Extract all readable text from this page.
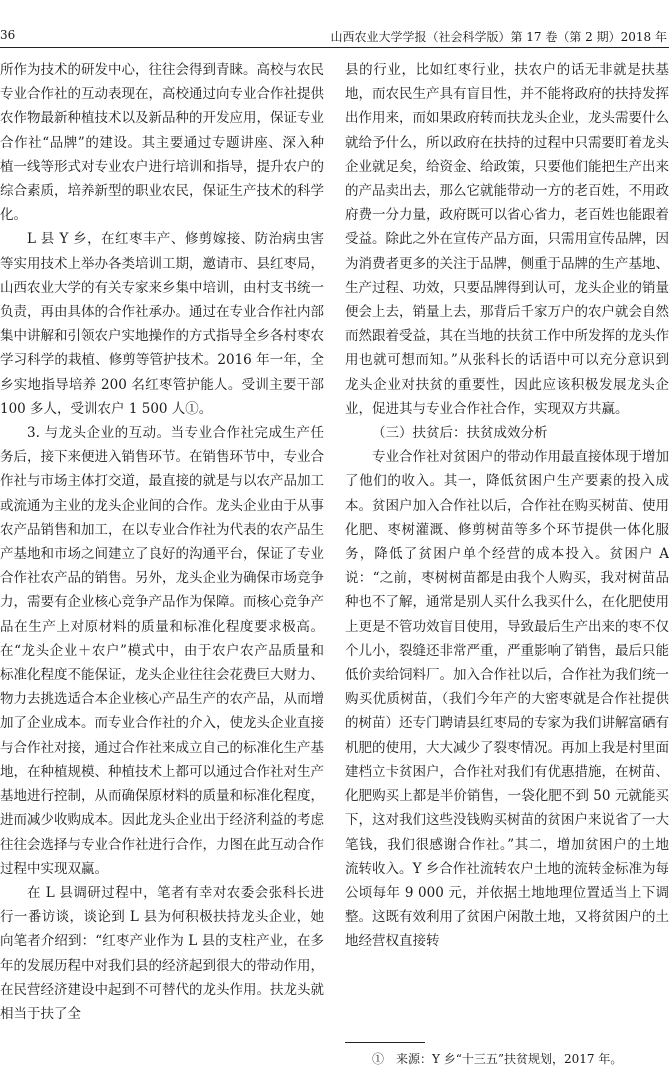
36	山西农业大学学报（社会科学版）第 17 卷（第 2 期）2018 年

所作为技术的研发中心，往往会得到青睐。高校与农民专业合作社的互动表现在，高校通过向专业合作社提供农作物最新种植技术以及新品种的开发应用，保证专业合作社“品牌”的建设。其主要通过专题讲座、深入种植一线等形式对专业农户进行培训和指导，提升农户的综合素质，培养新型的职业农民，保证生产技术的科学化。

L 县 Y 乡，在红枣丰产、修剪嫁接、防治病虫害等实用技术上举办各类培训工期，邀请市、县红枣局，山西农业大学的有关专家来乡集中培训，由村支书统一负责，再由具体的合作社承办。通过在专业合作社内部集中讲解和引领农户实地操作的方式指导全乡各村枣农学习科学的栽植、修剪等管护技术。2016 年一年，全乡实地指导培养 200 名红枣管护能人。受训主要干部 100 多人，受训农户 1 500 人①。

3. 与龙头企业的互动。当专业合作社完成生产任务后，接下来便进入销售环节。在销售环节中，专业合作社与市场主体打交道，最直接的就是与以农产品加工或流通为主业的龙头企业间的合作。龙头企业由于从事农产品销售和加工，在以专业合作社为代表的农产品生产基地和市场之间建立了良好的沟通平台，保证了专业合作社农产品的销售。另外，龙头企业为确保市场竞争力，需要有企业核心竞争产品作为保障。而核心竞争产品在生产上对原材料的质量和标准化程度要求极高。在“龙头企业＋农户”模式中，由于农户农产品质量和标准化程度不能保证，龙头企业往往会花费巨大财力、物力去挑选适合本企业核心产品生产的农产品，从而增加了企业成本。而专业合作社的介入，使龙头企业直接与合作社对接，通过合作社来成立自己的标准化生产基地，在种植规模、种植技术上都可以通过合作社对生产基地进行控制，从而确保原材料的质量和标准化程度，进而减少收购成本。因此龙头企业出于经济利益的考虑往往会选择与专业合作社进行合作，力图在此互动合作过程中实现双赢。

在 L 县调研过程中，笔者有幸对农委会张科长进行一番访谈，谈论到 L 县为何积极扶持龙头企业，她向笔者介绍到：“红枣产业作为 L 县的支柱产业，在多年的发展历程中对我们县的经济起到很大的带动作用，在民营经济建设中起到不可替代的龙头作用。扶龙头就相当于扶了全

县的行业，比如红枣行业，扶农户的话无非就是扶基地，而农民生产具有盲目性，并不能将政府的扶持发挥出作用来，而如果政府转而扶龙头企业，龙头需要什么就给予什么，所以政府在扶持的过程中只需要盯着龙头企业就足矣，给资金、给政策，只要他们能把生产出来的产品卖出去，那么它就能带动一方的老百姓，不用政府费一分力量，政府既可以省心省力，老百姓也能跟着受益。除此之外在宣传产品方面，只需用宣传品牌，因为消费者更多的关注于品牌，侧重于品牌的生产基地、生产过程、功效，只要品牌得到认可，龙头企业的销量便会上去，销量上去，那背后千家万户的农户就会自然而然跟着受益，其在当地的扶贫工作中所发挥的龙头作用也就可想而知。”从张科长的话语中可以充分意识到龙头企业对扶贫的重要性，因此应该积极发展龙头企业，促进其与专业合作社合作，实现双方共赢。

（三）扶贫后：扶贫成效分析

专业合作社对贫困户的带动作用最直接体现于增加了他们的收入。其一，降低贫困户生产要素的投入成本。贫困户加入合作社以后，合作社在购买树苗、使用化肥、枣树灌溉、修剪树苗等多个环节提供一体化服务，降低了贫困户单个经营的成本投入。贫困户 A 说：“之前，枣树树苗都是由我个人购买，我对树苗品种也不了解，通常是别人买什么我买什么，在化肥使用上更是不管功效盲目使用，导致最后生产出来的枣不仅个儿小，裂缝还非常严重，严重影响了销售，最后只能低价卖给饲料厂。加入合作社以后，合作社为我们统一购买优质树苗，（我们今年产的大密枣就是合作社提供的树苗）还专门聘请县红枣局的专家为我们讲解富硒有机肥的使用，大大减少了裂枣情况。再加上我是村里面建档立卡贫困户，合作社对我们有优惠措施，在树苗、化肥购买上都是半价销售，一袋化肥不到 50 元就能买下，这对我们这些没钱购买树苗的贫困户来说省了一大笔钱，我们很感谢合作社。”其二，增加贫困户的土地流转收入。Y 乡合作社流转农户土地的流转金标准为每公顷每年 9 000 元，并依据土地地理位置适当上下调整。这既有效利用了贫困户闲散土地，又将贫困户的土地经营权直接转

①　来源：Y 乡“十三五”扶贫规划，2017 年。
